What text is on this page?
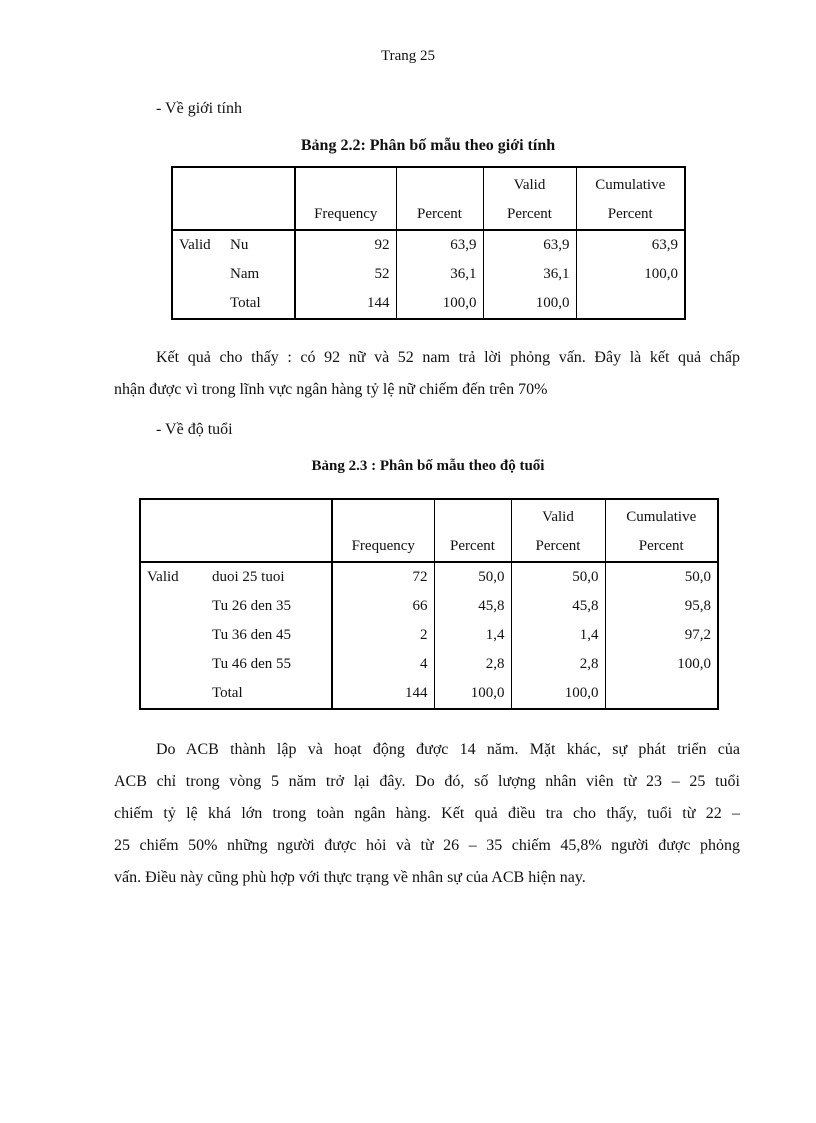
Trang 25
- Về giới tính
Bảng 2.2: Phân bố mẫu theo giới tính
				Valid	Cumulative
		Frequency	Percent	Percent	Percent
Valid	Nu	92	63,9	63,9	63,9
	Nam	52	36,1	36,1	100,0
	Total	144	100,0	100,0	
Kết quả cho thấy : có 92 nữ và 52 nam trả lời phỏng vấn. Đây là kết quả chấp
nhận được vì trong lĩnh vực ngân hàng tỷ lệ nữ chiếm đến trên 70%
- Về độ tuổi
Bảng 2.3 : Phân bố mẫu theo độ tuổi
				Valid	Cumulative
		Frequency	Percent	Percent	Percent
Valid	duoi 25 tuoi	72	50,0	50,0	50,0
	Tu 26 den 35	66	45,8	45,8	95,8
	Tu 36 den 45	2	1,4	1,4	97,2
	Tu 46 den 55	4	2,8	2,8	100,0
	Total	144	100,0	100,0	
Do ACB thành lập và hoạt động được 14 năm. Mặt khác, sự phát triển của
ACB chỉ trong vòng 5 năm trở lại đây. Do đó, số lượng nhân viên từ 23 – 25 tuổi
chiếm tỷ lệ khá lớn trong toàn ngân hàng. Kết quả điều tra cho thấy, tuổi từ 22 –
25 chiếm 50% những người được hỏi và từ 26 – 35 chiếm 45,8% người được phỏng
vấn. Điều này cũng phù hợp với thực trạng về nhân sự của ACB hiện nay.
